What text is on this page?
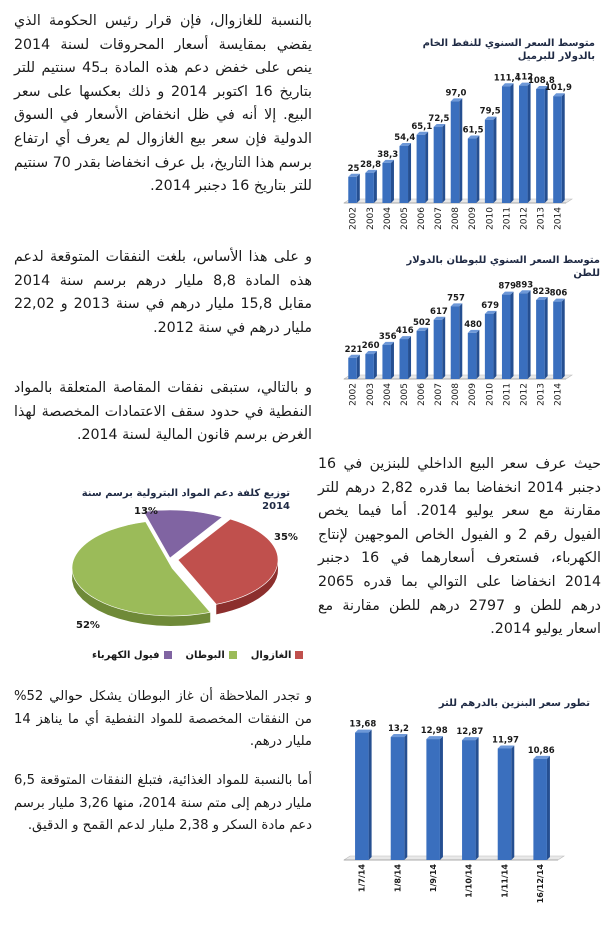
بالنسبة للغازوال، فإن قرار رئيس الحكومة الذي يقضي بمقايسة أسعار المحروقات لسنة 2014 ينص على خفض دعم هذه المادة بـ45 سنتيم للتر بتاريخ 16 اكتوبر 2014 و ذلك بعكسها على سعر البيع. إلا أنه في ظل انخفاض الأسعار في السوق الدولية فإن سعر بيع الغازوال لم يعرف أي ارتفاع برسم هذا التاريخ، بل عرف انخفاضا بقدر 70 سنتيم للتر بتاريخ 16 دجنبر 2014.

و على هذا الأساس، بلغت النفقات المتوقعة لدعم هذه المادة 8,8 مليار درهم برسم سنة 2014 مقابل 15,8 مليار درهم في سنة 2013 و 22,02 مليار درهم في سنة 2012.

و بالتالي، ستبقى نفقات المقاصة المتعلقة بالمواد النفطية في حدود سقف الاعتمادات المخصصة لهذا الغرض برسم قانون المالية لسنة 2014.

حيث عرف سعر البيع الداخلي للبنزين في 16 دجنبر 2014 انخفاضا بما قدره 2,82 درهم للتر مقارنة مع سعر يوليو 2014. أما فيما يخص الفيول رقم 2 و الفيول الخاص الموجهين لإنتاج الكهرباء، فستعرف أسعارهما في 16 دجنبر 2014 انخفاضا على التوالي بما قدره 2065 درهم للطن و 2797 درهم للطن مقارنة مع اسعار يوليو 2014.

و تجدر الملاحظة أن غاز البوطان يشكل حوالي 52% من النفقات المخصصة للمواد النفطية أي ما يناهز 14 مليار درهم.

أما بالنسبة للمواد الغذائية، فتبلغ النفقات المتوقعة 6,5 مليار درهم إلى متم سنة 2014، منها 3,26 مليار برسم دعم مادة السكر و 2,38 مليار لدعم القمح و الدقيق.

متوسط السعر السنوي للنفط الخام بالدولار للبرميل
25
2002
28,8
2003
38,3
2004
54,4
2005
65,1
2006
72,5
2007
97,0
2008
61,5
2009
79,5
2010
111,4
2011
112
2012
108,8
2013
101,9
2014
متوسط السعر السنوي للبوطان بالدولار للطن
221
2002
260
2003
356
2004
416
2005
502
2006
617
2007
757
2008
480
2009
679
2010
879
2011
893
2012
823
2013
806
2014
توزيع كلفة دعم المواد البترولية برسم سنة 2014
35%
52%
13%
الغازوال
البوطان
فيول الكهرباء
تطور سعر البنزين بالدرهم للتر
13,68
1/7/14
13,2
1/8/14
12,98
1/9/14
12,87
1/10/14
11,97
1/11/14
10,86
16/12/14
